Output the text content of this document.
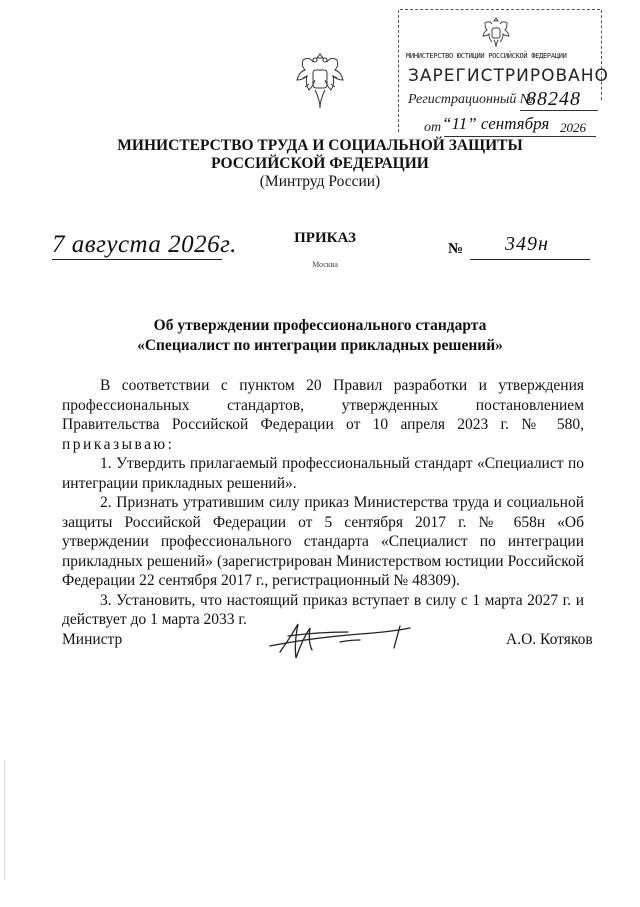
МИНИСТЕРСТВО ЮСТИЦИИ РОССИЙСКОЙ ФЕДЕРАЦИИ
ЗАРЕГИСТРИРОВАНО
Регистрационный №
88248
от “11” сентября 2026
МИНИСТЕРСТВО ТРУДА И СОЦИАЛЬНОЙ ЗАЩИТЫ
РОССИЙСКОЙ ФЕДЕРАЦИИ
(Минтруд России)
7 августа 2026г.	ПРИКАЗ
Москва
№ 349н
Об утверждении профессионального стандарта
«Специалист по интеграции прикладных решений»

В соответствии с пунктом 20 Правил разработки и утверждения профессиональных стандартов, утвержденных постановлением Правительства Российской Федерации от 10 апреля 2023 г. № 580, приказываю:

1. Утвердить прилагаемый профессиональный стандарт «Специалист по интеграции прикладных решений».

2. Признать утратившим силу приказ Министерства труда и социальной защиты Российской Федерации от 5 сентября 2017 г. № 658н «Об утверждении профессионального стандарта «Специалист по интеграции прикладных решений» (зарегистрирован Министерством юстиции Российской Федерации 22 сентября 2017 г., регистрационный № 48309).

3. Установить, что настоящий приказ вступает в силу с 1 марта 2027 г. и действует до 1 марта 2033 г.

Министр	А.О. Котяков
